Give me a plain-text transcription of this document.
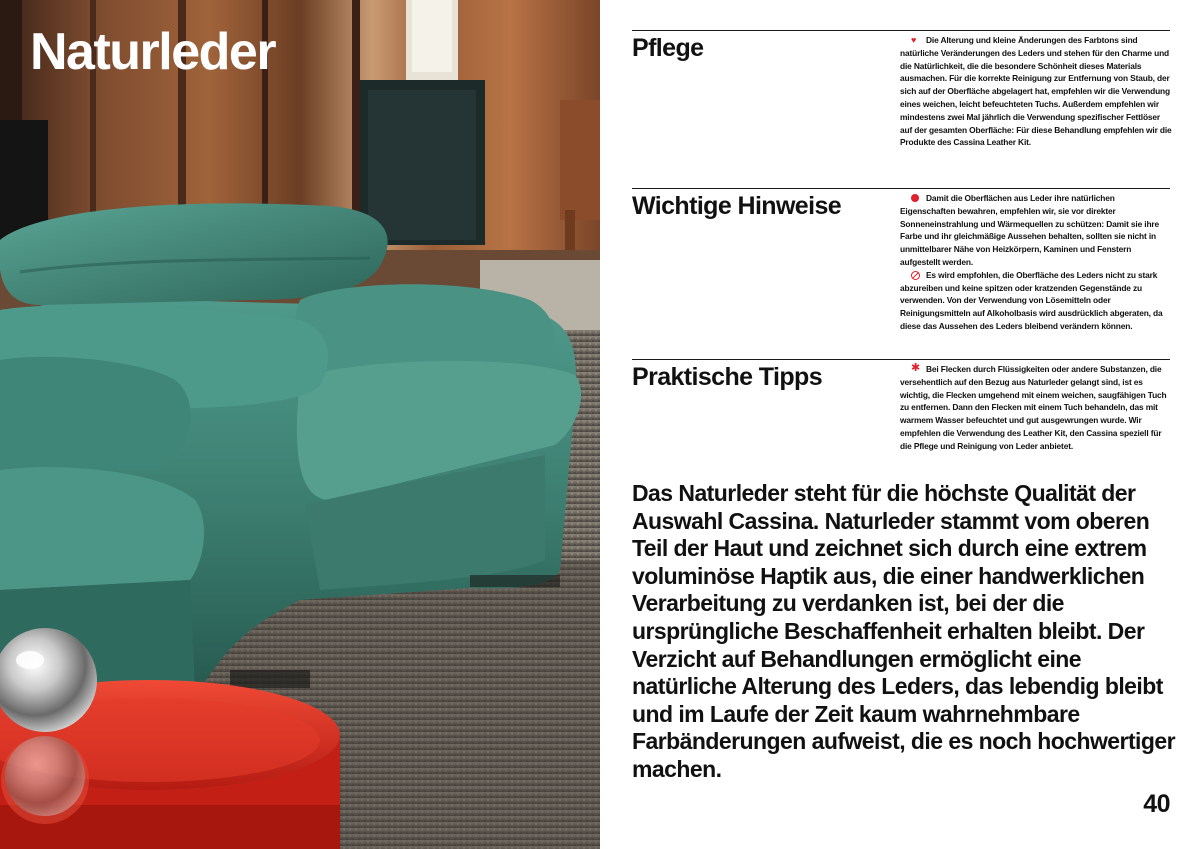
Naturleder	Pflege	♥	Die Alterung und kleine Änderungen des Farbtons sind natürliche Veränderungen des Leders und stehen für den Charme und die Natürlichkeit, die die besondere Schönheit dieses Materials ausmachen. Für die korrekte Reinigung zur Entfernung von Staub, der sich auf der Oberfläche abgelagert hat, empfehlen wir die Verwendung eines weichen, leicht befeuchteten Tuchs. Außerdem empfehlen wir mindestens zwei Mal jährlich die Verwendung spezifischer Fettlöser auf der gesamten Oberfläche: Für diese Behandlung empfehlen wir die Produkte des Cassina Leather Kit.

Wichtige Hinweise	Damit die Oberflächen aus Leder ihre natürlichen Eigenschaften bewahren, empfehlen wir, sie vor direkter Sonneneinstrahlung und Wärmequellen zu schützen: Damit sie ihre Farbe und ihr gleichmäßige Aussehen behalten, sollten sie nicht in unmittelbarer Nähe von Heizkörpern, Kaminen und Fenstern aufgestellt werden.

Es wird empfohlen, die Oberfläche des Leders nicht zu stark abzureiben und keine spitzen oder kratzenden Gegenstände zu verwenden. Von der Verwendung von Lösemitteln oder Reinigungsmitteln auf Alkoholbasis wird ausdrücklich abgeraten, da diese das Aussehen des Leders bleibend verändern können.

Praktische Tipps	✱ Bei Flecken durch Flüssigkeiten oder andere Substanzen, die versehentlich auf den Bezug aus Naturleder gelangt sind, ist es wichtig, die Flecken umgehend mit einem weichen, saugfähigen Tuch zu entfernen. Dann den Flecken mit einem Tuch behandeln, das mit warmem Wasser befeuchtet und gut ausgewrungen wurde. Wir empfehlen die Verwendung des Leather Kit, den Cassina speziell für die Pflege und Reinigung von Leder anbietet.

Das Naturleder steht für die höchste Qualität der Auswahl Cassina. Naturleder stammt vom oberen Teil der Haut und zeichnet sich durch eine extrem voluminöse Haptik aus, die einer handwerklichen Verarbeitung zu verdanken ist, bei der die ursprüngliche Beschaffenheit erhalten bleibt. Der Verzicht auf Behandlungen ermöglicht eine natürliche Alterung des Leders, das lebendig bleibt und im Laufe der Zeit kaum wahrnehmbare Farbänderungen aufweist, die es noch hochwertiger machen.

40
